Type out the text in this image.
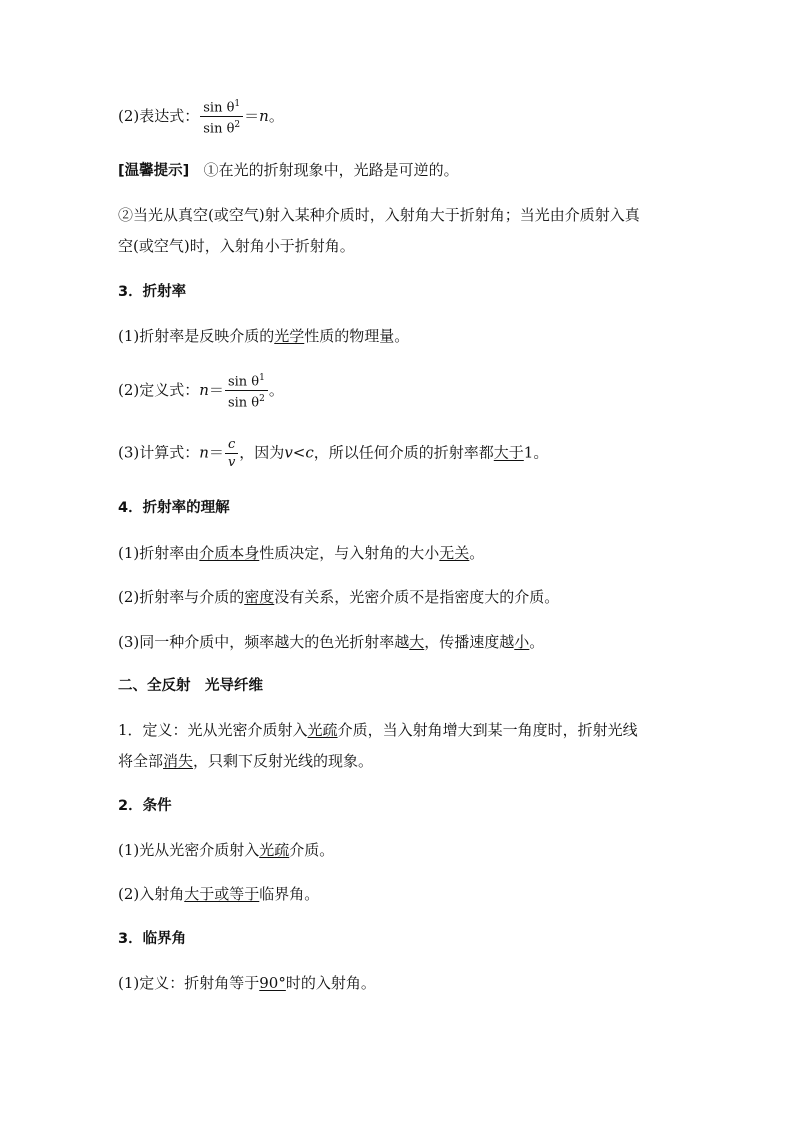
(2)表达式： $\frac{\sin \theta^1}{\sin \theta^2} =n$。
[温馨提示] ①在光的折射现象中，光路是可逆的。
②当光从真空(或空气)射入某种介质时，入射角大于折射角；当光由介质射入真
空(或空气)时，入射角小于折射角。
3．折射率
(1)折射率是反映介质的光学性质的物理量。
(2)定义式：$n= \frac{\sin \theta^1}{\sin \theta^2}$ 。
(3)计算式：$n= \frac{c}{v}$ ，因为v<c，所以任何介质的折射率都大于1。
4．折射率的理解
(1)折射率由介质本身性质决定，与入射角的大小无关。
(2)折射率与介质的密度没有关系，光密介质不是指密度大的介质。
(3)同一种介质中，频率越大的色光折射率越大，传播速度越小。
二、全反射　光导纤维
1．定义：光从光密介质射入光疏介质，当入射角增大到某一角度时，折射光线
将全部消失，只剩下反射光线的现象。
2．条件
(1)光从光密介质射入光疏介质。
(2)入射角大于或等于临界角。
3．临界角
(1)定义：折射角等于90°时的入射角。
